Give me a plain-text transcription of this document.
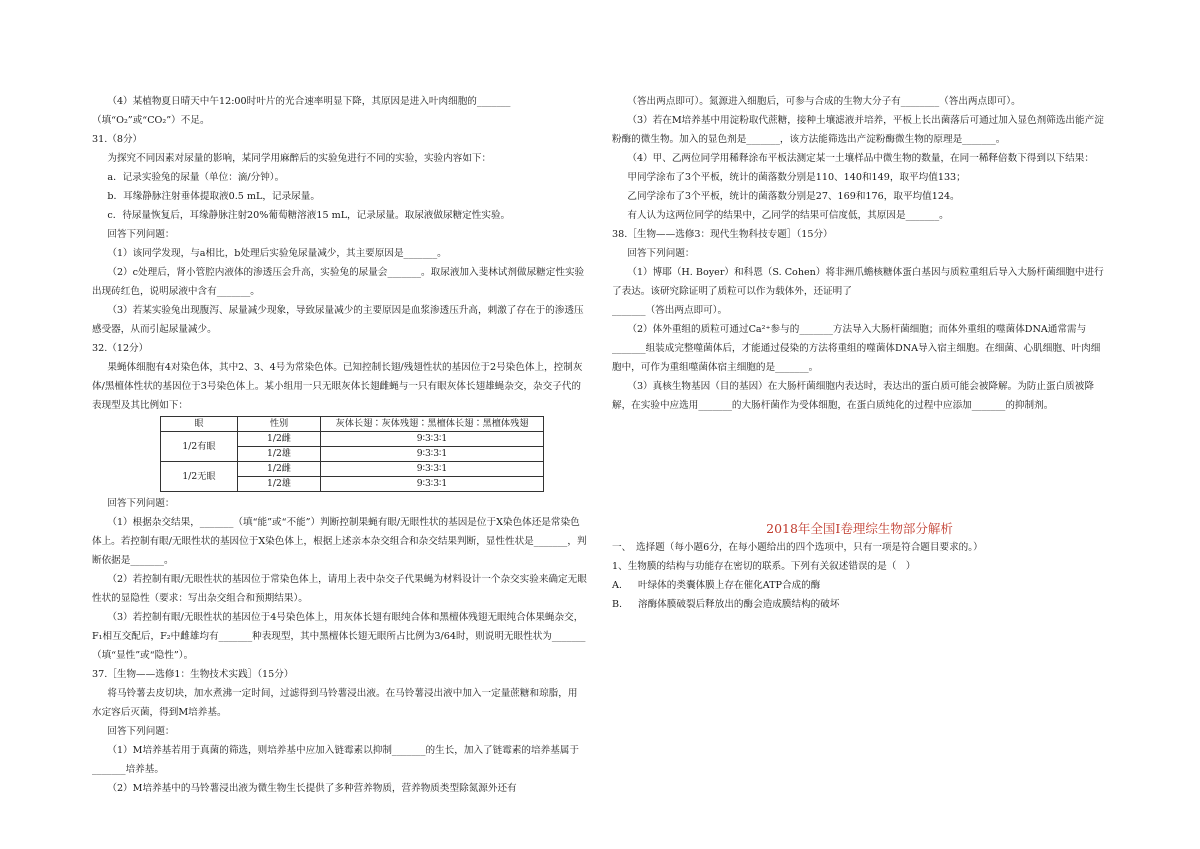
（4）某植物夏日晴天中午12:00时叶片的光合速率明显下降，其原因是进入叶肉细胞的_______（填“O₂”或“CO₂”）不足。

31.（8分）

为探究不同因素对尿量的影响，某同学用麻醉后的实验兔进行不同的实验，实验内容如下：

a．记录实验兔的尿量（单位：滴/分钟）。

b．耳缘静脉注射垂体提取液0.5 mL，记录尿量。

c．待尿量恢复后，耳缘静脉注射20%葡萄糖溶液15 mL，记录尿量。取尿液做尿糖定性实验。

回答下列问题：

（1）该同学发现，与a相比，b处理后实验兔尿量减少，其主要原因是_______。

（2）c处理后，肾小管腔内液体的渗透压会升高，实验兔的尿量会_______。取尿液加入斐林试剂做尿糖定性实验出现砖红色，说明尿液中含有_______。

（3）若某实验兔出现腹泻、尿量减少现象，导致尿量减少的主要原因是血浆渗透压升高，刺激了存在于的渗透压感受器，从而引起尿量减少。

32.（12分）

果蝇体细胞有4对染色体，其中2、3、4号为常染色体。已知控制长翅/残翅性状的基因位于2号染色体上，控制灰体/黑檀体性状的基因位于3号染色体上。某小组用一只无眼灰体长翅雌蝇与一只有眼灰体长翅雄蝇杂交，杂交子代的表现型及其比例如下：

眼	性别	灰体长翅∶灰体残翅∶黑檀体长翅∶黑檀体残翅
1/2有眼	1/2雌	9∶3∶3∶1
	1/2雄	9∶3∶3∶1
1/2无眼	1/2雌	9∶3∶3∶1
	1/2雄	9∶3∶3∶1

回答下列问题：

（1）根据杂交结果，_______（填“能”或“不能”）判断控制果蝇有眼/无眼性状的基因是位于X染色体还是常染色体上。若控制有眼/无眼性状的基因位于X染色体上，根据上述亲本杂交组合和杂交结果判断，显性性状是_______，判断依据是_______。

（2）若控制有眼/无眼性状的基因位于常染色体上，请用上表中杂交子代果蝇为材料设计一个杂交实验来确定无眼性状的显隐性（要求：写出杂交组合和预期结果）。

（3）若控制有眼/无眼性状的基因位于4号染色体上，用灰体长翅有眼纯合体和黑檀体残翅无眼纯合体果蝇杂交，F₁相互交配后，F₂中雌雄均有_______种表现型，其中黑檀体长翅无眼所占比例为3/64时，则说明无眼性状为_______（填“显性”或“隐性”）。

37.［生物——选修1：生物技术实践］（15分）

将马铃薯去皮切块，加水煮沸一定时间，过滤得到马铃薯浸出液。在马铃薯浸出液中加入一定量蔗糖和琼脂，用水定容后灭菌，得到M培养基。

回答下列问题：

（1）M培养基若用于真菌的筛选，则培养基中应加入链霉素以抑制_______的生长，加入了链霉素的培养基属于_______培养基。

（2）M培养基中的马铃薯浸出液为微生物生长提供了多种营养物质，营养物质类型除氮源外还有

（答出两点即可）。氮源进入细胞后，可参与合成的生物大分子有________（答出两点即可）。

（3）若在M培养基中用淀粉取代蔗糖，接种土壤滤液并培养，平板上长出菌落后可通过加入显色剂筛选出能产淀粉酶的微生物。加入的显色剂是_______，该方法能筛选出产淀粉酶微生物的原理是_______。

（4）甲、乙两位同学用稀释涂布平板法测定某一土壤样品中微生物的数量，在同一稀释倍数下得到以下结果：

甲同学涂布了3个平板，统计的菌落数分别是110、140和149，取平均值133；

乙同学涂布了3个平板，统计的菌落数分别是27、169和176，取平均值124。

有人认为这两位同学的结果中，乙同学的结果可信度低，其原因是_______。

38.［生物——选修3：现代生物科技专题］（15分）

回答下列问题：

（1）博耶（H. Boyer）和科恩（S. Cohen）将非洲爪蟾核糖体蛋白基因与质粒重组后导入大肠杆菌细胞中进行了表达。该研究除证明了质粒可以作为载体外，还证明了

_______（答出两点即可）。

（2）体外重组的质粒可通过Ca²⁺参与的_______方法导入大肠杆菌细胞；而体外重组的噬菌体DNA通常需与_______组装成完整噬菌体后，才能通过侵染的方法将重组的噬菌体DNA导入宿主细胞。在细菌、心肌细胞、叶肉细胞中，可作为重组噬菌体宿主细胞的是_______。

（3）真核生物基因（目的基因）在大肠杆菌细胞内表达时，表达出的蛋白质可能会被降解。为防止蛋白质被降解，在实验中应选用_______的大肠杆菌作为受体细胞，在蛋白质纯化的过程中应添加_______的抑制剂。

2018年全国Ⅰ卷理综生物部分解析

一、　选择题（每小题6分，在每小题给出的四个选项中，只有一项是符合题目要求的。）

1、生物膜的结构与功能存在密切的联系。下列有关叙述错误的是（　）

A. 叶绿体的类囊体膜上存在催化ATP合成的酶

B. 溶酶体膜破裂后释放出的酶会造成膜结构的破坏
